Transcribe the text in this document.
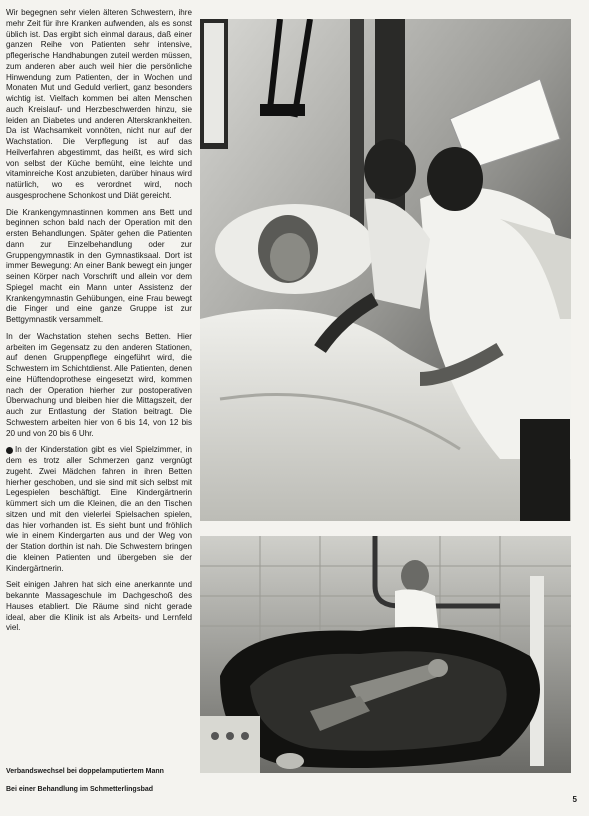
Wir begegnen sehr vielen älteren Schwestern, ihre mehr Zeit für ihre Kranken aufwenden, als es sonst üblich ist. Das ergibt sich einmal daraus, daß einer ganzen Reihe von Patienten sehr intensive, pflegerische Handhabungen zuteil werden müssen, zum anderen aber auch weil hier die persönliche Hinwendung zum Patienten, der in Wochen und Monaten Mut und Geduld verliert, ganz besonders wichtig ist. Vielfach kommen bei alten Menschen auch Kreislauf- und Herzbeschwerden hinzu, sie leiden an Diabetes und anderen Alterskrankheiten. Da ist Wachsamkeit vonnöten, nicht nur auf der Wachstation. Die Verpflegung ist auf das Heilverfahren abgestimmt, das heißt, es wird sich von selbst der Küche bemüht, eine leichte und vitaminreiche Kost anzubieten, darüber hinaus wird natürlich, wo es verordnet wird, noch ausgesprochene Schonkost und Diät gereicht.

Die Krankengymnastinnen kommen ans Bett und beginnen schon bald nach der Operation mit den ersten Behandlungen. Später gehen die Patienten dann zur Einzelbehandlung oder zur Gruppengymnastik in den Gymnastiksaal. Dort ist immer Bewegung: An einer Bank bewegt ein junger seinen Körper nach Vorschrift und allein vor dem Spiegel macht ein Mann unter Assistenz der Krankengymnastin Gehübungen, eine Frau bewegt die Finger und eine ganze Gruppe ist zur Bettgymnastik versammelt.

In der Wachstation stehen sechs Betten. Hier arbeiten im Gegensatz zu den anderen Stationen, auf denen Gruppenpflege eingeführt wird, die Schwestern im Schichtdienst. Alle Patienten, denen eine Hüftendoprothese eingesetzt wird, kommen nach der Operation hierher zur postoperativen Überwachung und bleiben hier die Mittagszeit, der auch zur Entlastung der Station beitragt. Die Schwestern arbeiten hier von 6 bis 14, von 12 bis 20 und von 20 bis 6 Uhr.

In der Kinderstation gibt es viel Spielzimmer, in dem es trotz aller Schmerzen ganz vergnügt zugeht. Zwei Mädchen fahren in ihren Betten hierher geschoben, und sie sind mit sich selbst mit Legespielen beschäftigt. Eine Kindergärtnerin kümmert sich um die Kleinen, die an den Tischen sitzen und mit den vielerlei Spielsachen spielen, das hier vorhanden ist. Es sieht bunt und fröhlich wie in einem Kindergarten aus und der Weg von der Station dorthin ist nah. Die Schwestern bringen die kleinen Patienten und übergeben sie der Kindergärtnerin.

Seit einigen Jahren hat sich eine anerkannte und bekannte Massageschule im Dachgeschoß des Hauses etabliert. Die Räume sind nicht gerade ideal, aber die Klinik ist als Arbeits- und Lernfeld viel.

Verbandswechsel bei doppelamputiertem Mann
Bei einer Behandlung im Schmetterlingsbad
5
